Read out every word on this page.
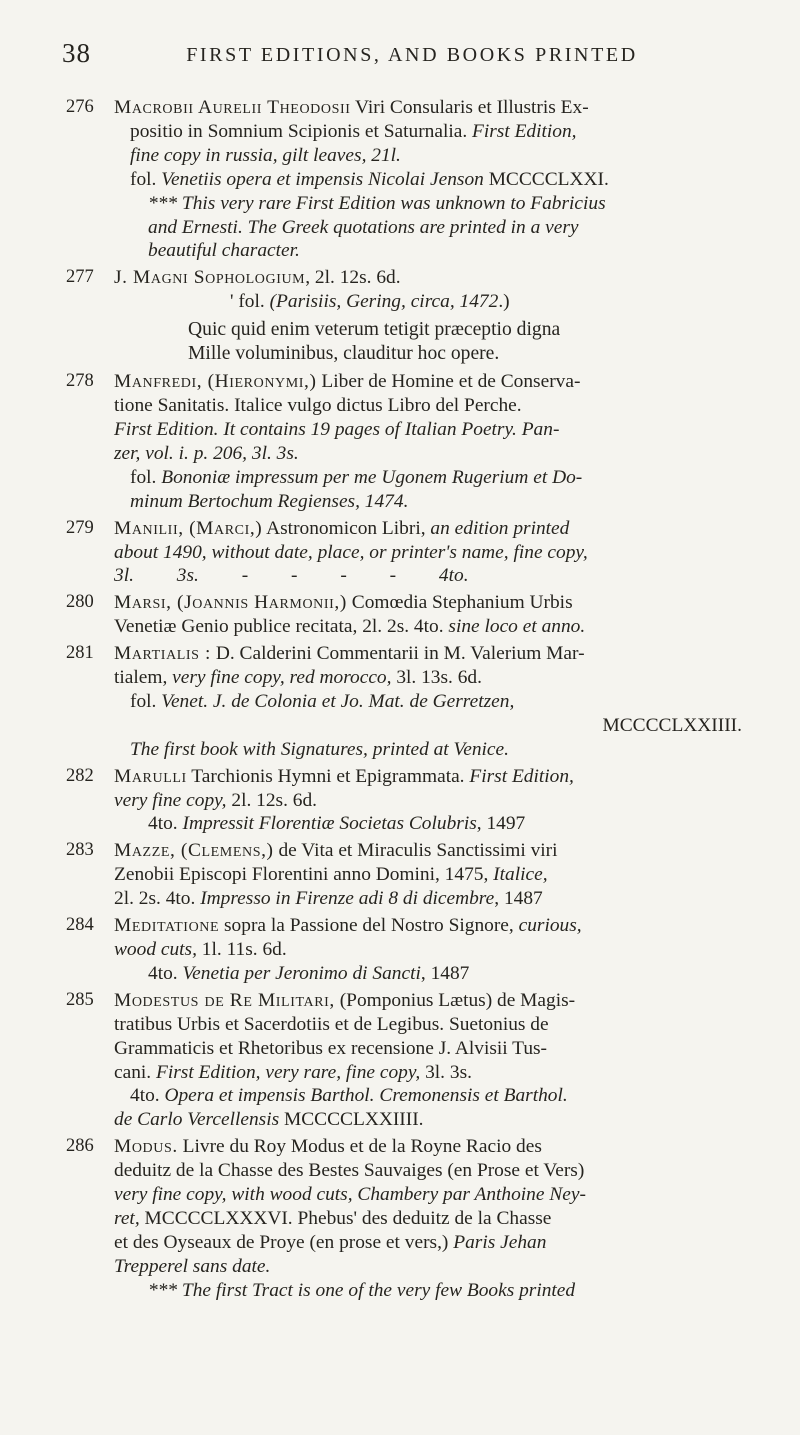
38	FIRST EDITIONS, AND BOOKS PRINTED
276 Macrobii Aurelii Theodosii Viri Consularis et Illustris Ex-
positio in Somnium Scipionis et Saturnalia. First Edition,
fine copy in russia, gilt leaves, 21l.
fol. Venetiis opera et impensis Nicolai Jenson MCCCCLXXI.
*** This very rare First Edition was unknown to Fabricius
and Ernesti. The Greek quotations are printed in a very
beautiful character.
277 J. Magni Sophologium, 2l. 12s. 6d.
' fol. (Parisiis, Gering, circa, 1472.)
Quic quid enim veterum tetigit præceptio digna
Mille voluminibus, clauditur hoc opere.
278 Manfredi, (Hieronymi,) Liber de Homine et de Conserva-
tione Sanitatis. Italice vulgo dictus Libro del Perche.
First Edition. It contains 19 pages of Italian Poetry. Pan-
zer, vol. i. p. 206, 3l. 3s.
fol. Bononiæ impressum per me Ugonem Rugerium et Do-
minum Bertochum Regienses, 1474.
279 Manilii, (Marci,) Astronomicon Libri, an edition printed
about 1490, without date, place, or printer's name, fine copy,
3l. 3s. - - - - 4to.
280 Marsi, (Joannis Harmonii,) Comœdia Stephanium Urbis
Venetiæ Genio publice recitata, 2l. 2s. 4to. sine loco et anno.
281 Martialis : D. Calderini Commentarii in M. Valerium Mar-
tialem, very fine copy, red morocco, 3l. 13s. 6d.
fol. Venet. J. de Colonia et Jo. Mat. de Gerretzen,
MCCCCLXXIIII.
The first book with Signatures, printed at Venice.
282 Marulli Tarchionis Hymni et Epigrammata. First Edition,
very fine copy, 2l. 12s. 6d.
4to. Impressit Florentiæ Societas Colubris, 1497
283 Mazze, (Clemens,) de Vita et Miraculis Sanctissimi viri
Zenobii Episcopi Florentini anno Domini, 1475, Italice,
2l. 2s. 4to. Impresso in Firenze adi 8 di dicembre, 1487
284 Meditatione sopra la Passione del Nostro Signore, curious,
wood cuts, 1l. 11s. 6d.
4to. Venetia per Jeronimo di Sancti, 1487
285 Modestus de Re Militari, (Pomponius Lætus) de Magis-
tratibus Urbis et Sacerdotiis et de Legibus. Suetonius de
Grammaticis et Rhetoribus ex recensione J. Alvisii Tus-
cani. First Edition, very rare, fine copy, 3l. 3s.
4to. Opera et impensis Barthol. Cremonensis et Barthol.
de Carlo Vercellensis MCCCCLXXIIII.
286 Modus. Livre du Roy Modus et de la Royne Racio des
deduitz de la Chasse des Bestes Sauvaiges (en Prose et Vers)
very fine copy, with wood cuts, Chambery par Anthoine Ney-
ret, MCCCCLXXXVI. Phebus' des deduitz de la Chasse
et des Oyseaux de Proye (en prose et vers,) Paris Jehan
Trepperel sans date.
*** The first Tract is one of the very few Books printed
